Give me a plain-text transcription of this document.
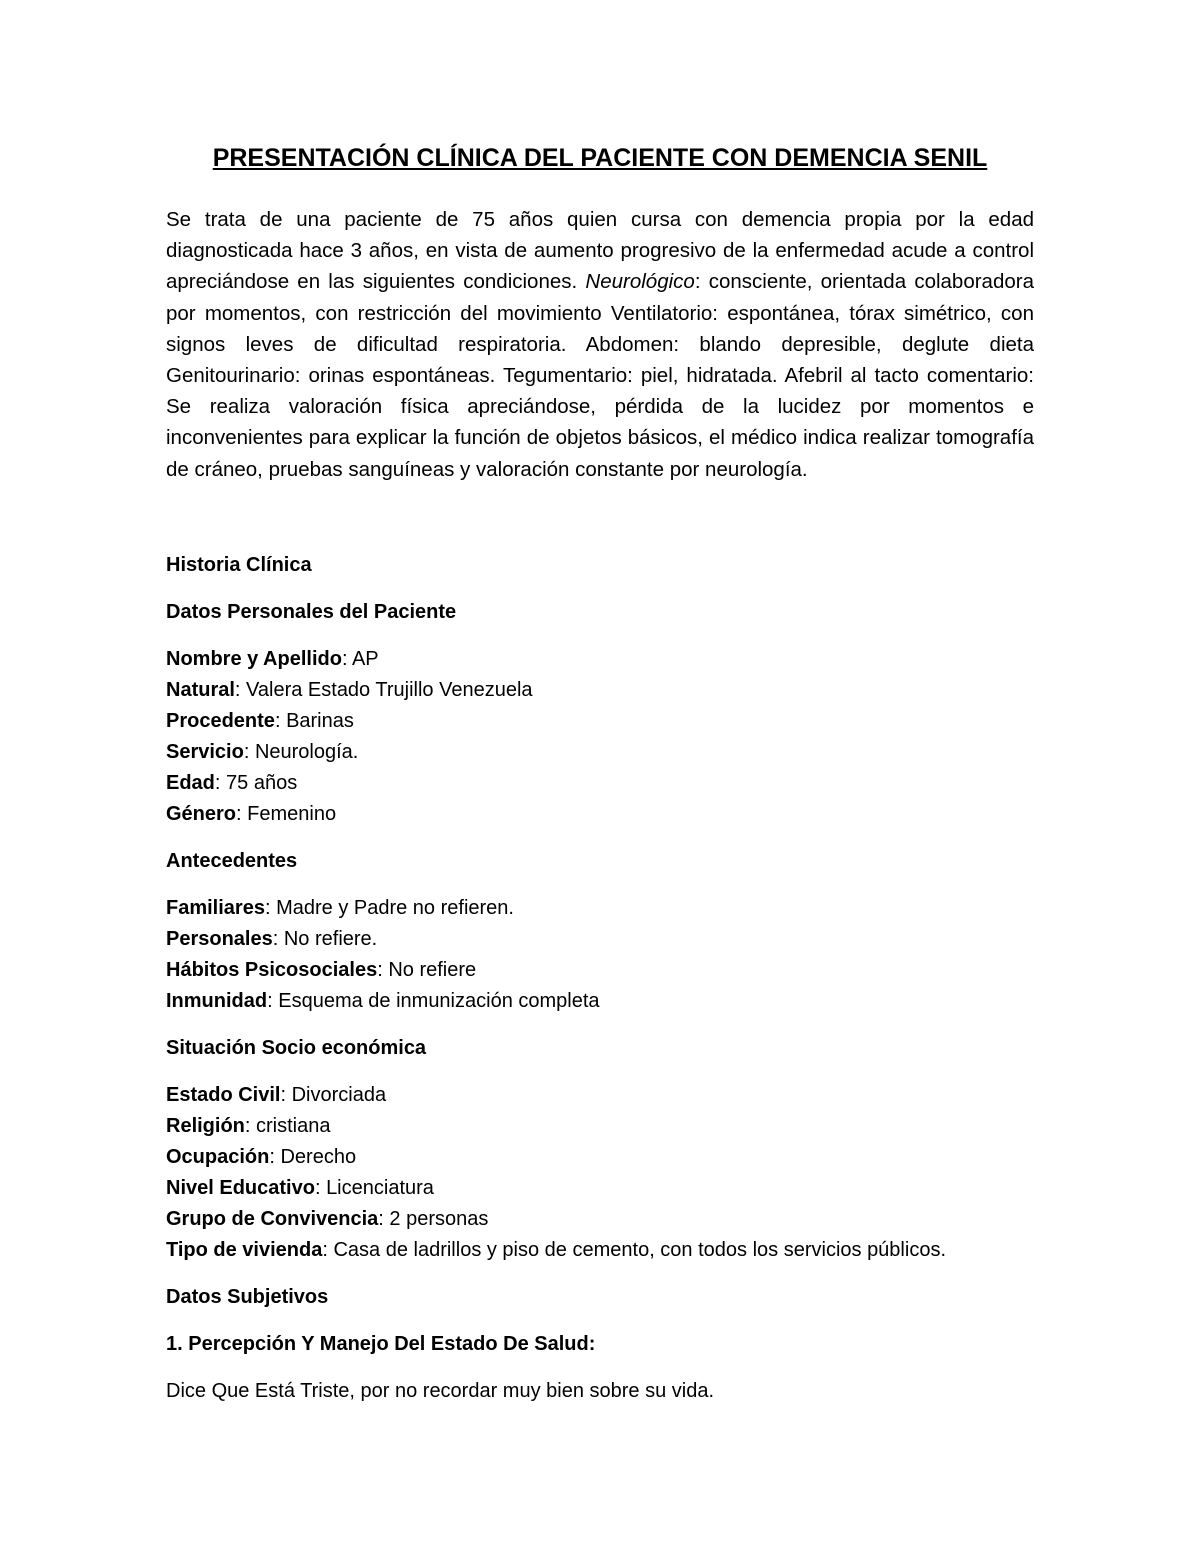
PRESENTACIÓN CLÍNICA DEL PACIENTE CON DEMENCIA SENIL

Se trata de una paciente de 75 años quien cursa con demencia propia por la edad diagnosticada hace 3 años, en vista de aumento progresivo de la enfermedad acude a control apreciándose en las siguientes condiciones. Neurológico: consciente, orientada colaboradora por momentos, con restricción del movimiento Ventilatorio: espontánea, tórax simétrico, con signos leves de dificultad respiratoria. Abdomen: blando depresible, deglute dieta Genitourinario: orinas espontáneas. Tegumentario: piel, hidratada. Afebril al tacto comentario: Se realiza valoración física apreciándose, pérdida de la lucidez por momentos e inconvenientes para explicar la función de objetos básicos, el médico indica realizar tomografía de cráneo, pruebas sanguíneas y valoración constante por neurología.

Historia Clínica

Datos Personales del Paciente

Nombre y Apellido: AP

Natural: Valera Estado Trujillo Venezuela

Procedente: Barinas

Servicio: Neurología.

Edad: 75 años

Género: Femenino

Antecedentes

Familiares: Madre y Padre no refieren.

Personales: No refiere.

Hábitos Psicosociales: No refiere

Inmunidad: Esquema de inmunización completa

Situación Socio económica

Estado Civil: Divorciada

Religión: cristiana

Ocupación: Derecho

Nivel Educativo: Licenciatura

Grupo de Convivencia: 2 personas

Tipo de vivienda: Casa de ladrillos y piso de cemento, con todos los servicios públicos.

Datos Subjetivos

1. Percepción Y Manejo Del Estado De Salud:

Dice Que Está Triste, por no recordar muy bien sobre su vida.
